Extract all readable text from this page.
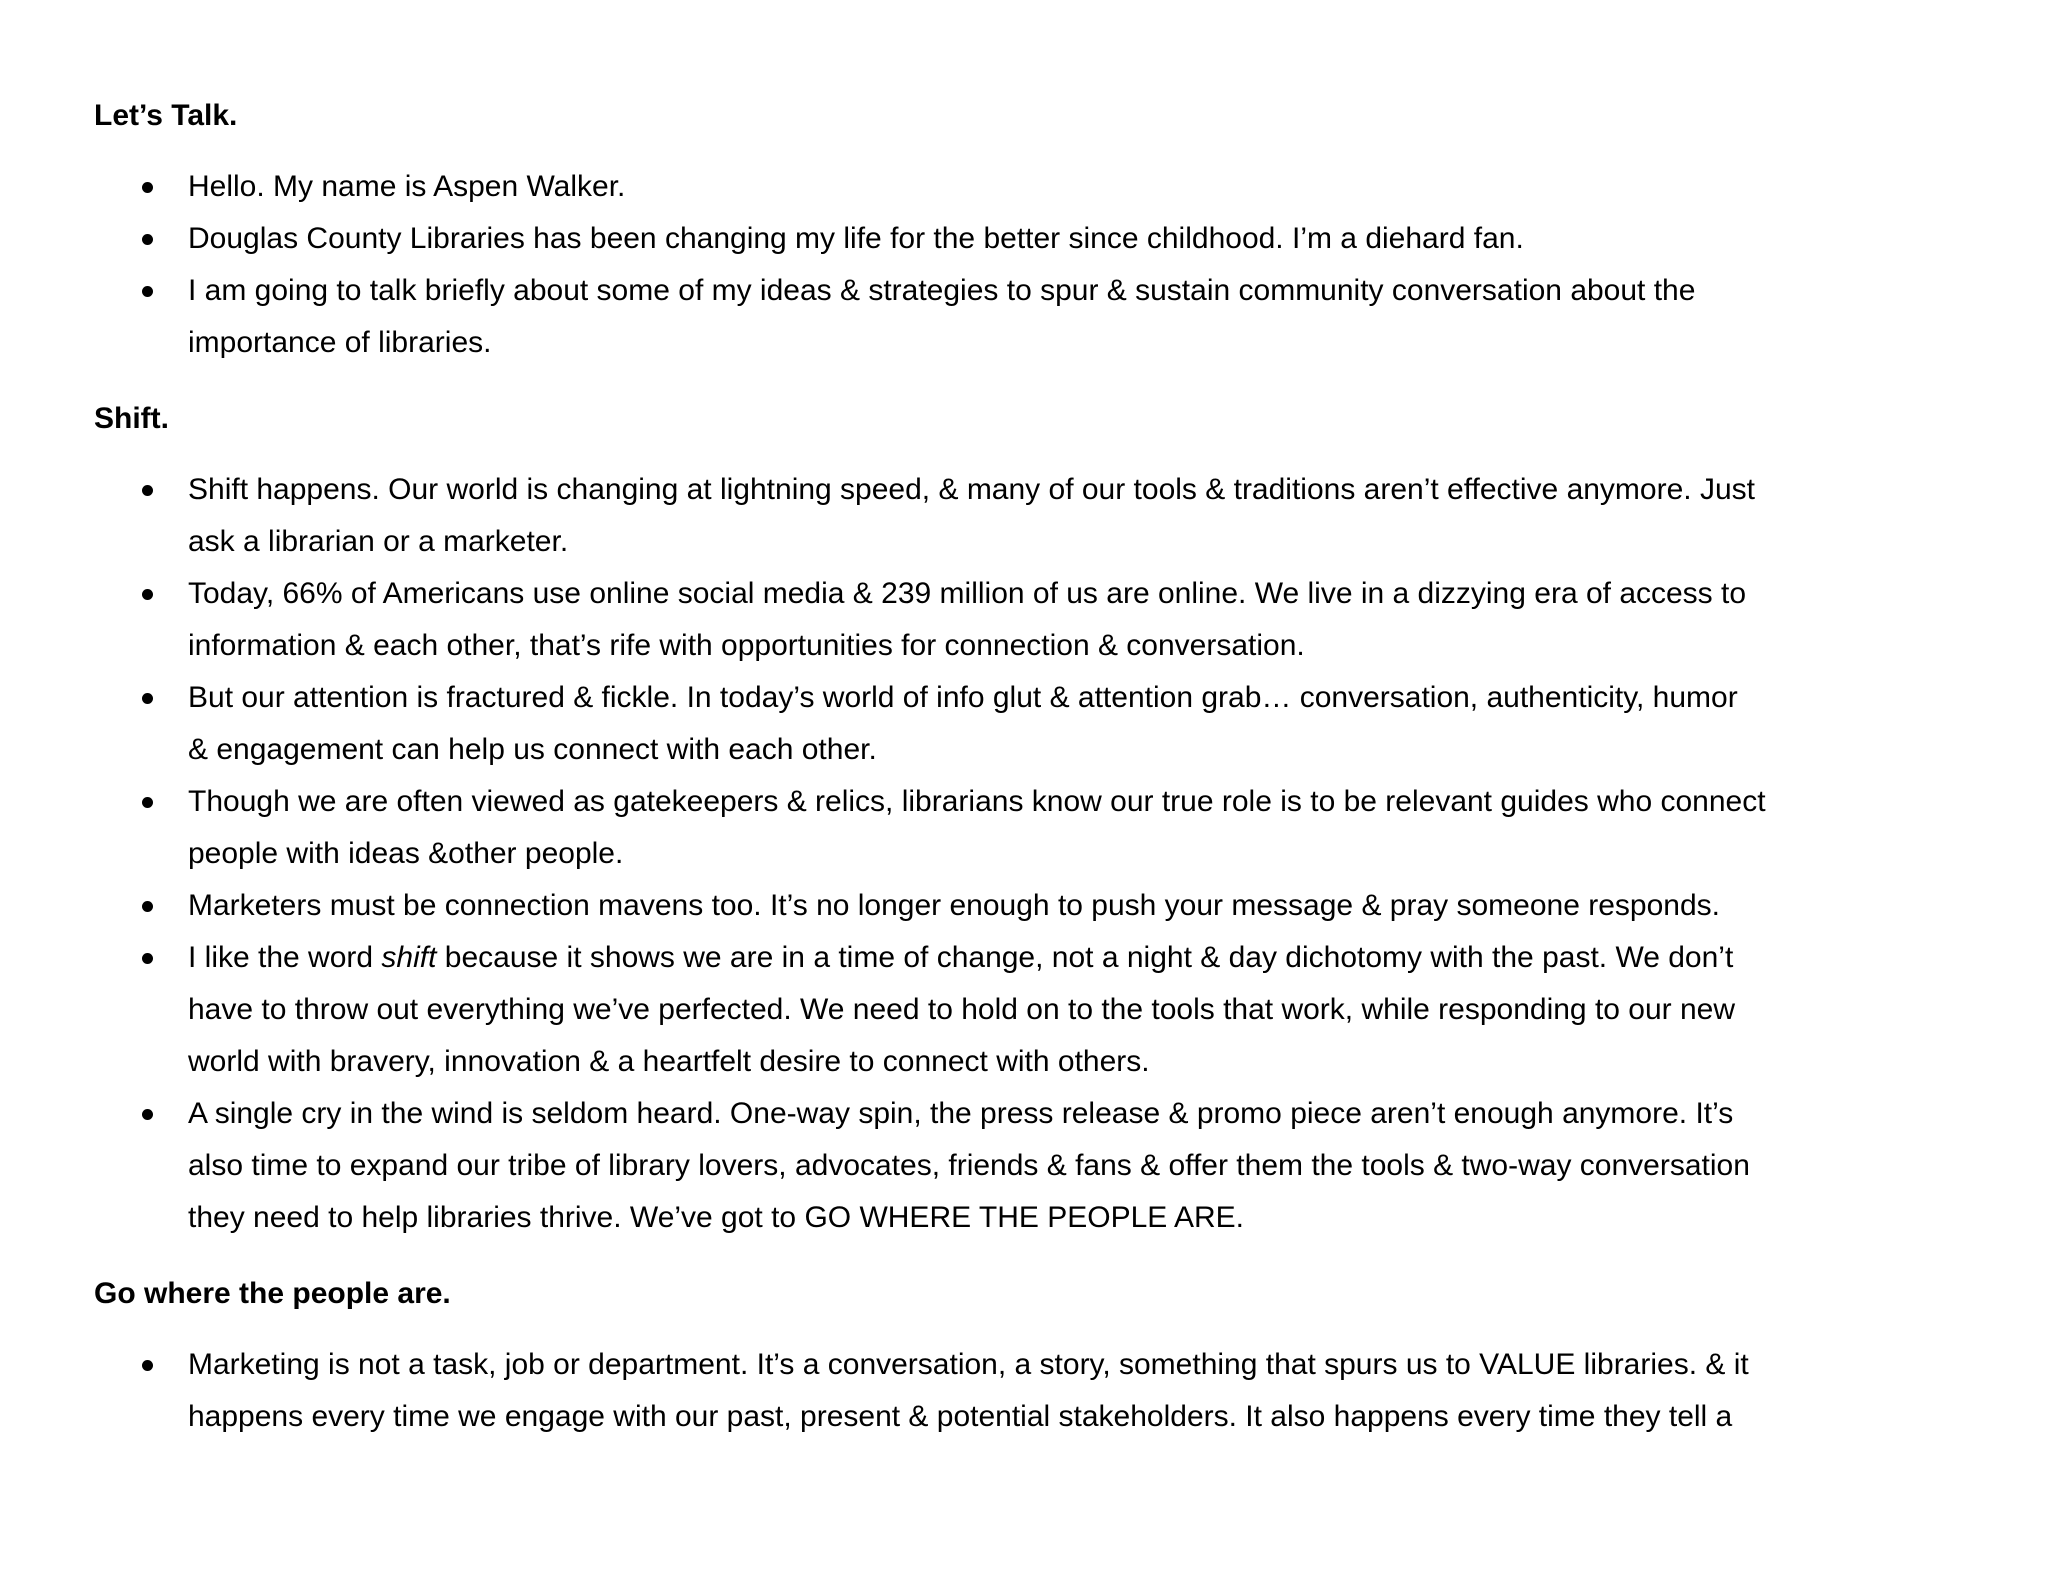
Let’s Talk.
Hello. My name is Aspen Walker.
Douglas County Libraries has been changing my life for the better since childhood. I’m a diehard fan.
I am going to talk briefly about some of my ideas & strategies to spur & sustain community conversation about the
importance of libraries.
Shift.
Shift happens. Our world is changing at lightning speed, & many of our tools & traditions aren’t effective anymore. Just
ask a librarian or a marketer.
Today, 66% of Americans use online social media & 239 million of us are online. We live in a dizzying era of access to
information & each other, that’s rife with opportunities for connection & conversation.
But our attention is fractured & fickle. In today’s world of info glut & attention grab… conversation, authenticity, humor
& engagement can help us connect with each other.
Though we are often viewed as gatekeepers & relics, librarians know our true role is to be relevant guides who connect
people with ideas &other people.
Marketers must be connection mavens too. It’s no longer enough to push your message & pray someone responds.
I like the word shift because it shows we are in a time of change, not a night & day dichotomy with the past. We don’t
have to throw out everything we’ve perfected. We need to hold on to the tools that work, while responding to our new
world with bravery, innovation & a heartfelt desire to connect with others.
A single cry in the wind is seldom heard. One-way spin, the press release & promo piece aren’t enough anymore. It’s
also time to expand our tribe of library lovers, advocates, friends & fans & offer them the tools & two-way conversation
they need to help libraries thrive. We’ve got to GO WHERE THE PEOPLE ARE.
Go where the people are.
Marketing is not a task, job or department. It’s a conversation, a story, something that spurs us to VALUE libraries. & it
happens every time we engage with our past, present & potential stakeholders. It also happens every time they tell a
